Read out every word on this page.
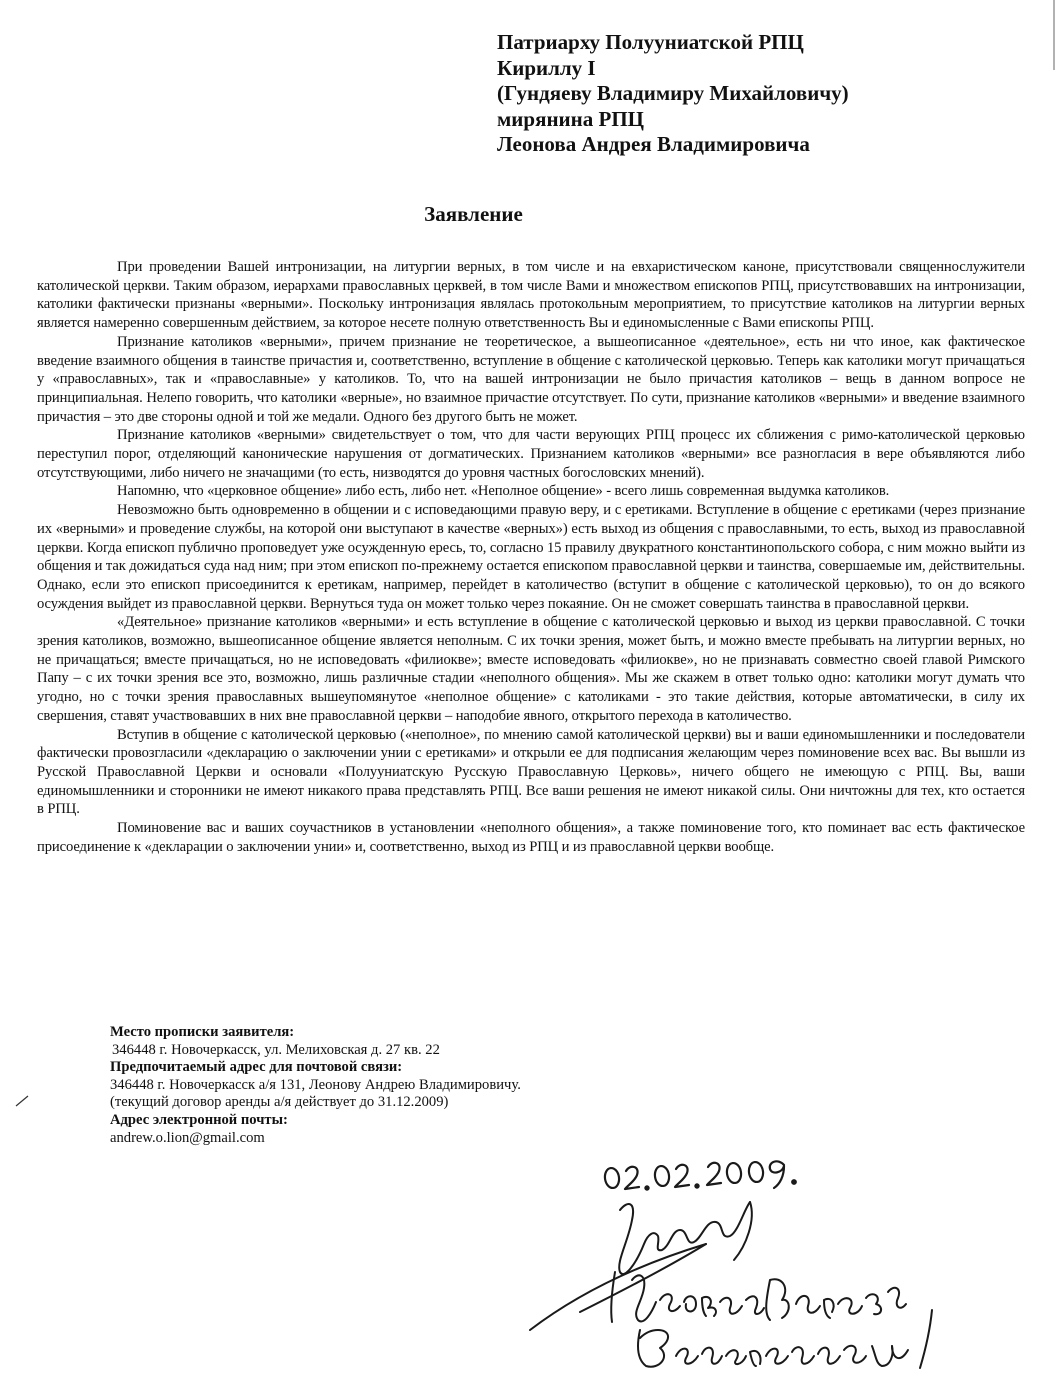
Патриарху Полууниатской РПЦ
Кириллу I
(Гундяеву Владимиру Михайловичу)
мирянина РПЦ
Леонова Андрея Владимировича
Заявление

При проведении Вашей интронизации, на литургии верных, в том числе и на евхаристическом каноне, присутствовали священнослужители католической церкви. Таким образом, иерархами православных церквей, в том числе Вами и множеством епископов РПЦ, присутствовавших на интронизации, католики фактически признаны «верными». Поскольку интронизация являлась протокольным мероприятием, то присутствие католиков на литургии верных является намеренно совершенным действием, за которое несете полную ответственность Вы и единомысленные с Вами епископы РПЦ.

Признание католиков «верными», причем признание не теоретическое, а вышеописанное «деятельное», есть ни что иное, как фактическое введение взаимного общения в таинстве причастия и, соответственно, вступление в общение с католической церковью. Теперь как католики могут причащаться у «православных», так и «православные» у католиков. То, что на вашей интронизации не было причастия католиков – вещь в данном вопросе не принципиальная. Нелепо говорить, что католики «верные», но взаимное причастие отсутствует. По сути, признание католиков «верными» и введение взаимного причастия – это две стороны одной и той же медали. Одного без другого быть не может.

Признание католиков «верными» свидетельствует о том, что для части верующих РПЦ процесс их сближения с римо-католической церковью переступил порог, отделяющий канонические нарушения от догматических. Признанием католиков «верными» все разногласия в вере объявляются либо отсутствующими, либо ничего не значащими (то есть, низводятся до уровня частных богословских мнений).

Напомню, что «церковное общение» либо есть, либо нет. «Неполное общение» - всего лишь современная выдумка католиков.

Невозможно быть одновременно в общении и с исповедающими правую веру, и с еретиками. Вступление в общение с еретиками (через признание их «верными» и проведение службы, на которой они выступают в качестве «верных») есть выход из общения с православными, то есть, выход из православной церкви. Когда епископ публично проповедует уже осужденную ересь, то, согласно 15 правилу двукратного константинопольского собора, с ним можно выйти из общения и так дожидаться суда над ним; при этом епископ по-прежнему остается епископом православной церкви и таинства, совершаемые им, действительны. Однако, если это епископ присоединится к еретикам, например, перейдет в католичество (вступит в общение с католической церковью), то он до всякого осуждения выйдет из православной церкви. Вернуться туда он может только через покаяние. Он не сможет совершать таинства в православной церкви.

«Деятельное» признание католиков «верными» и есть вступление в общение с католической церковью и выход из церкви православной. С точки зрения католиков, возможно, вышеописанное общение является неполным. С их точки зрения, может быть, и можно вместе пребывать на литургии верных, но не причащаться; вместе причащаться, но не исповедовать «филиокве»; вместе исповедовать «филиокве», но не признавать совместно своей главой Римского Папу – с их точки зрения все это, возможно, лишь различные стадии «неполного общения». Мы же скажем в ответ только одно: католики могут думать что угодно, но с точки зрения православных вышеупомянутое «неполное общение» с католиками - это такие действия, которые автоматически, в силу их свершения, ставят участвовавших в них вне православной церкви – наподобие явного, открытого перехода в католичество.

Вступив в общение с католической церковью («неполное», по мнению самой католической церкви) вы и ваши единомышленники и последователи фактически провозгласили «декларацию о заключении унии с еретиками» и открыли ее для подписания желающим через поминовение всех вас. Вы вышли из Русской Православной Церкви и основали «Полууниатскую Русскую Православную Церковь», ничего общего не имеющую с РПЦ. Вы, ваши единомышленники и сторонники не имеют никакого права представлять РПЦ. Все ваши решения не имеют никакой силы. Они ничтожны для тех, кто остается в РПЦ.

Поминовение вас и ваших соучастников в установлении «неполного общения», а также поминовение того, кто поминает вас есть фактическое присоединение к «декларации о заключении унии» и, соответственно, выход из РПЦ и из православной церкви вообще.

Место прописки заявителя:
346448 г. Новочеркасск, ул. Мелиховская д. 27 кв. 22
Предпочитаемый адрес для почтовой связи:
346448 г. Новочеркасск а/я 131, Леонову Андрею Владимировичу.
(текущий договор аренды а/я действует до 31.12.2009)
Адрес электронной почты:
andrew.o.lion@gmail.com
